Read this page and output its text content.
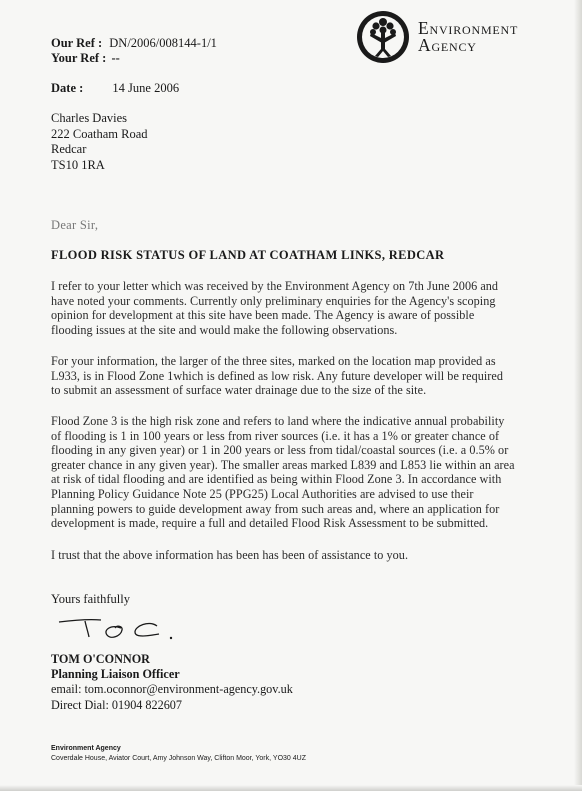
Our Ref : DN/2006/008144-1/1
Your Ref : --
Date : 14 June 2006
Environment
Agency
Charles Davies
222 Coatham Road
Redcar
TS10 1RA
Dear Sir,
FLOOD RISK STATUS OF LAND AT COATHAM LINKS, REDCAR
I refer to your letter which was received by the Environment Agency on 7th June 2006 and
have noted your comments. Currently only preliminary enquiries for the Agency's scoping
opinion for development at this site have been made. The Agency is aware of possible
flooding issues at the site and would make the following observations.
For your information, the larger of the three sites, marked on the location map provided as
L933, is in Flood Zone 1which is defined as low risk. Any future developer will be required
to submit an assessment of surface water drainage due to the size of the site.
Flood Zone 3 is the high risk zone and refers to land where the indicative annual probability
of flooding is 1 in 100 years or less from river sources (i.e. it has a 1% or greater chance of
flooding in any given year) or 1 in 200 years or less from tidal/coastal sources (i.e. a 0.5% or
greater chance in any given year). The smaller areas marked L839 and L853 lie within an area
at risk of tidal flooding and are identified as being within Flood Zone 3. In accordance with
Planning Policy Guidance Note 25 (PPG25) Local Authorities are advised to use their
planning powers to guide development away from such areas and, where an application for
development is made, require a full and detailed Flood Risk Assessment to be submitted.
I trust that the above information has been has been of assistance to you.
Yours faithfully
TOM O'CONNOR
Planning Liaison Officer
email: tom.oconnor@environment-agency.gov.uk
Direct Dial: 01904 822607
Environment Agency
Coverdale House, Aviator Court, Amy Johnson Way, Clifton Moor, York, YO30 4UZ
